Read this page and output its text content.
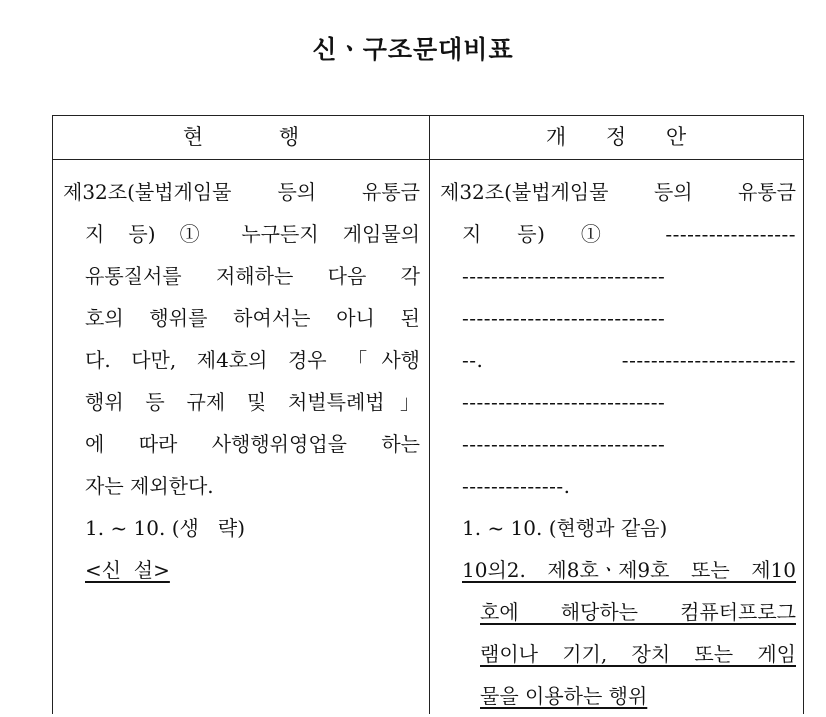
신ㆍ구조문대비표
현	행	개 정 안
제32조(불법게임물 등의 유통금
지 등) ① 누구든지 게임물의
유통질서를 저해하는 다음 각
호의 행위를 하여서는 아니 된
다. 다만, 제4호의 경우 「사행
행위 등 규제 및 처벌특례법」
에 따라 사행행위영업을 하는
자는 제외한다.
1. ~ 10. (생   략)
<신  설>
제32조(불법게임물 등의 유통금
지 등) ① ------------------
----------------------------
----------------------------
--. ------------------------
----------------------------
----------------------------
--------------.
1. ~ 10. (현행과 같음)
10의2. 제8호ㆍ제9호 또는 제10
호에 해당하는 컴퓨터프로그
램이나 기기, 장치 또는 게임
물을 이용하는 행위
